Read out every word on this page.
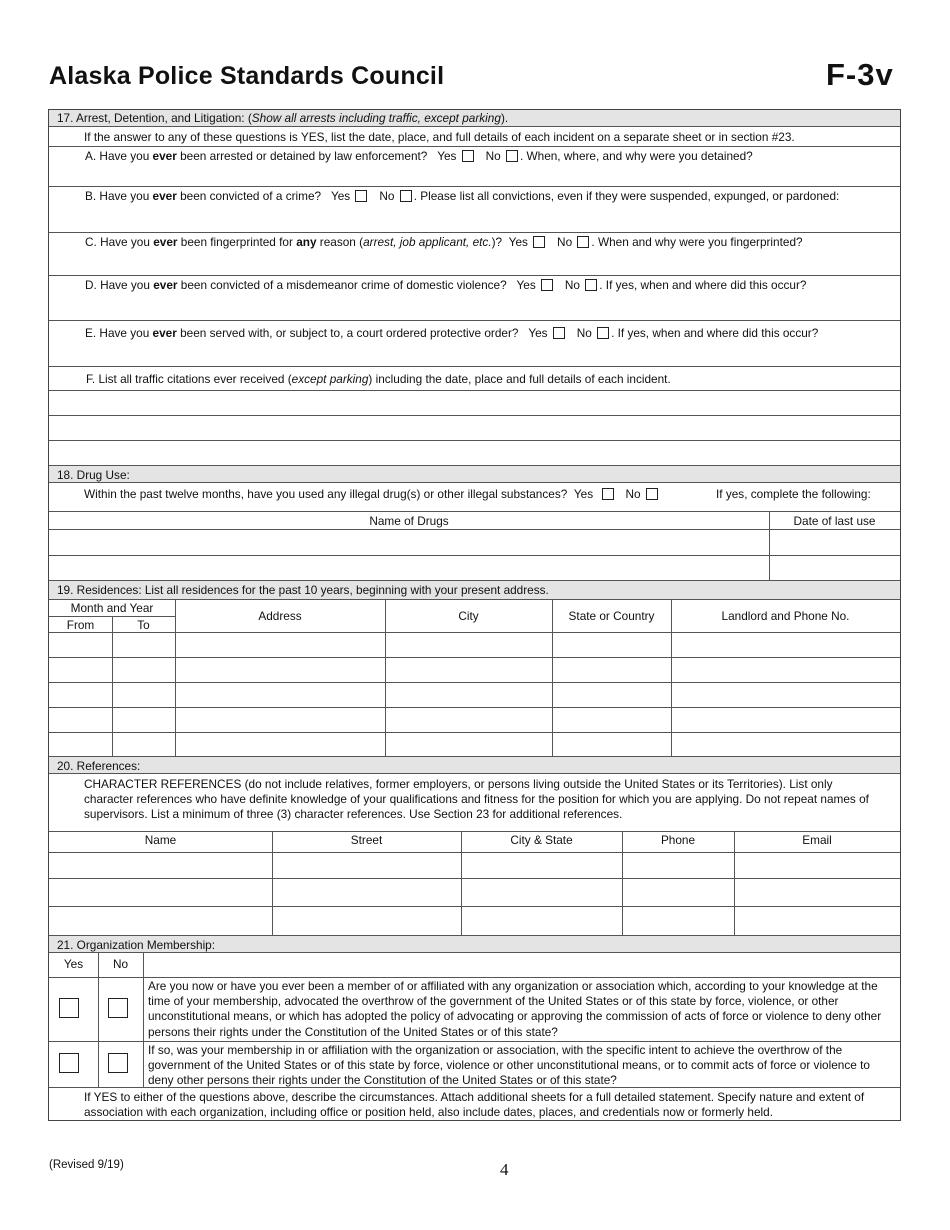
Alaska Police Standards Council	F-3v
17. Arrest, Detention, and Litigation: (Show all arrests including traffic, except parking).
If the answer to any of these questions is YES, list the date, place, and full details of each incident on a separate sheet or in section #23.
A. Have you ever been arrested or detained by law enforcement? Yes No . When, where, and why were you detained?
B. Have you ever been convicted of a crime? Yes No . Please list all convictions, even if they were suspended, expunged, or pardoned:
C. Have you ever been fingerprinted for any reason (arrest, job applicant, etc.)? Yes No . When and why were you fingerprinted?
D. Have you ever been convicted of a misdemeanor crime of domestic violence? Yes No . If yes, when and where did this occur?
E. Have you ever been served with, or subject to, a court ordered protective order? Yes No . If yes, when and where did this occur?
F. List all traffic citations ever received (except parking) including the date, place and full details of each incident.
18. Drug Use:
Within the past twelve months, have you used any illegal drug(s) or other illegal substances? Yes	No	If yes, complete the following:
Name of Drugs	Date of last use
19. Residences: List all residences for the past 10 years, beginning with your present address.
Month and Year
From	To
Address	City	State or Country	Landlord and Phone No.
20. References:
CHARACTER REFERENCES (do not include relatives, former employers, or persons living outside the United States or its Territories). List only character references who have definite knowledge of your qualifications and fitness for the position for which you are applying. Do not repeat names of supervisors. List a minimum of three (3) character references. Use Section 23 for additional references.
Name	Street	City & State	Phone	Email
21. Organization Membership:
Yes	No
Are you now or have you ever been a member of or affiliated with any organization or association which, according to your knowledge at the time of your membership, advocated the overthrow of the government of the United States or of this state by force, violence, or other unconstitutional means, or which has adopted the policy of advocating or approving the commission of acts of force or violence to deny other persons their rights under the Constitution of the United States or of this state?
If so, was your membership in or affiliation with the organization or association, with the specific intent to achieve the overthrow of the government of the United States or of this state by force, violence or other unconstitutional means, or to commit acts of force or violence to deny other persons their rights under the Constitution of the United States or of this state?
If YES to either of the questions above, describe the circumstances. Attach additional sheets for a full detailed statement. Specify nature and extent of association with each organization, including office or position held, also include dates, places, and credentials now or formerly held.
(Revised 9/19)	4
